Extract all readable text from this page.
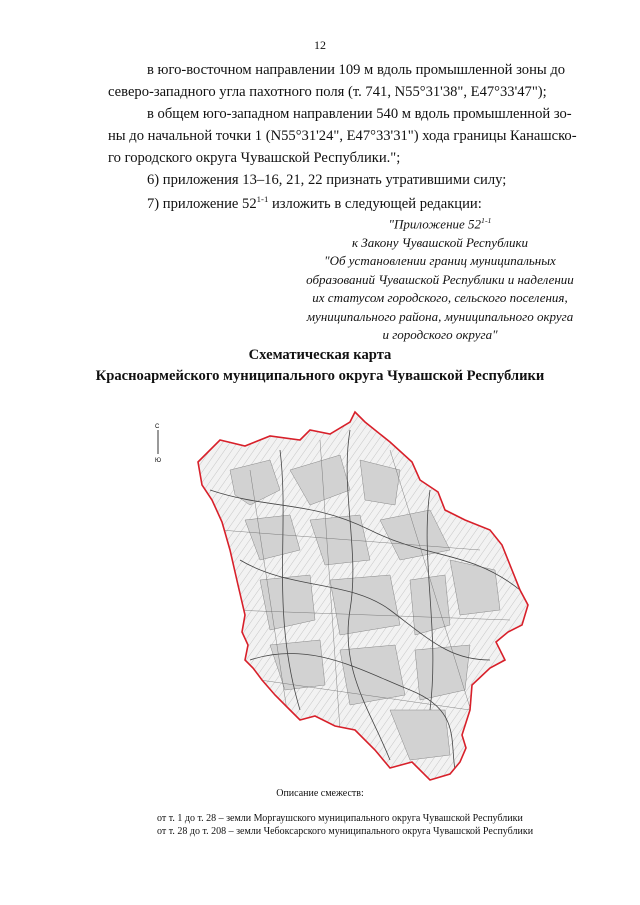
12
в юго-восточном направлении 109 м вдоль промышленной зоны до
северо-западного угла пахотного поля (т. 741, N55°31'38", E47°33'47");
в общем юго-западном направлении 540 м вдоль промышленной зо-
ны до начальной точки 1 (N55°31'24", E47°33'31") хода границы Канашско-
го городского округа Чувашской Республики.";
6) приложения 13–16, 21, 22 признать утратившими силу;
7) приложение 52$^{1-1}$ изложить в следующей редакции:
"Приложение 52$^{1-1}$
к Закону Чувашской Республики
"Об установлении границ муниципальных
образований Чувашской Республики и наделении
их статусом городского, сельского поселения,
муниципального района, муниципального округа
и городского округа"
Схематическая карта
Красноармейского муниципального округа Чувашской Республики
С
Ю
Описание смежеств:
от т. 1 до т. 28 – земли Моргаушского муниципального округа Чувашской Республики
от т. 28 до т. 208 – земли Чебоксарского муниципального округа Чувашской Республики
